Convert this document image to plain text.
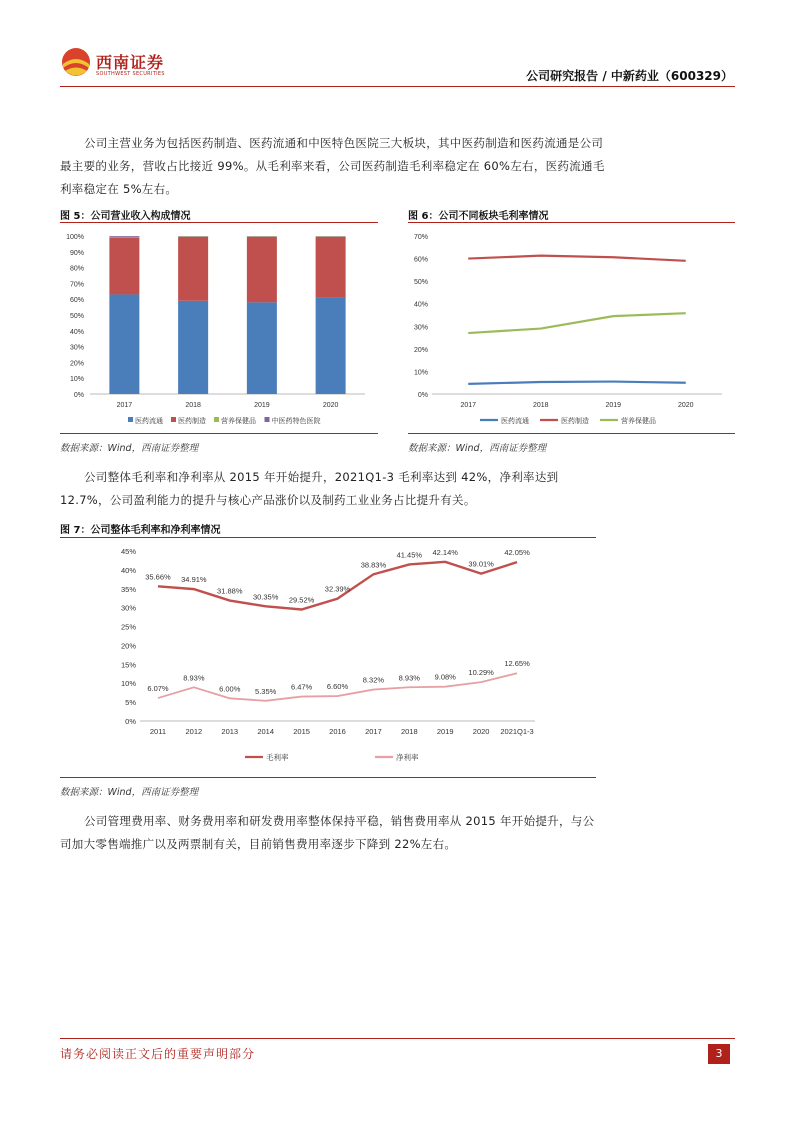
西南证券
SOUTHWEST SECURITIES	公司研究报告 / 中新药业（600329）
公司主营业务为包括医药制造、医药流通和中医特色医院三大板块，其中医药制造和医药流通是公司最主要的业务，营收占比接近 99%。从毛利率来看，公司医药制造毛利率稳定在 60%左右，医药流通毛利率稳定在 5%左右。
图 5：公司营业收入构成情况	图 6：公司不同板块毛利率情况
0%
10%
20%
30%
40%
50%
60%
70%
80%
90%
100%
2017	2018	2019	2020
医药流通 医药制造 营养保健品 中医药特色医院
0%
10%
20%
30%
40%
50%
60%
70%
2017	2018	2019	2020
医药流通	医药制造	营养保健品
数据来源：Wind，西南证券整理	数据来源：Wind，西南证券整理
公司整体毛利率和净利率从 2015 年开始提升，2021Q1-3 毛利率达到 42%，净利率达到 12.7%，公司盈利能力的提升与核心产品涨价以及制药工业业务占比提升有关。
图 7：公司整体毛利率和净利率情况
0%
5%
10%
15%
20%
25%
30%
35%
40%
45%
2011	2012	2013	2014	2015	2016	2017	2018	2019	2020 2021Q1-3
35.66% 34.91%
31.88%
30.35% 29.52%
32.39%
38.83%
41.45% 42.14%
39.01%
42.05%
6.07%
8.93%
6.00% 5.35% 6.47% 6.60%
8.32% 8.93% 9.08%
10.29%
12.65%
毛利率	净利率
数据来源：Wind，西南证券整理
公司管理费用率、财务费用率和研发费用率整体保持平稳，销售费用率从 2015 年开始提升，与公司加大零售端推广以及两票制有关，目前销售费用率逐步下降到 22%左右。
请务必阅读正文后的重要声明部分	3
